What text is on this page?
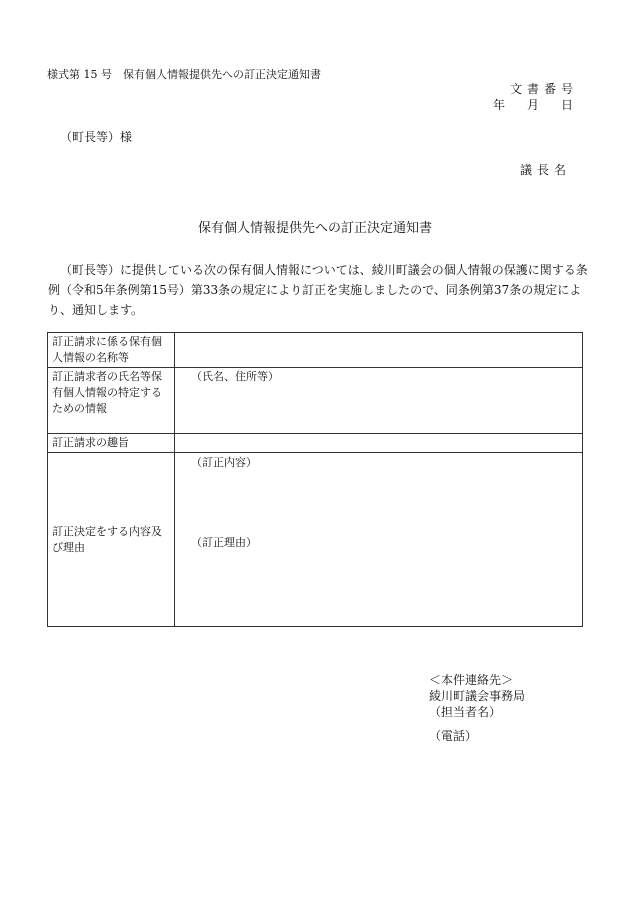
様式第 15 号　保有個人情報提供先への訂正決定通知書
文書番号
年　月　日
（町長等）様
議長名
保有個人情報提供先への訂正決定通知書
（町長等）に提供している次の保有個人情報については、綾川町議会の個人情報の保護に関する条例（令和5年条例第15号）第33条の規定により訂正を実施しましたので、同条例第37条の規定により、通知します。
訂正請求に係る保有個人情報の名称等	
訂正請求者の氏名等保有個人情報の特定するための情報	（氏名、住所等）
訂正請求の趣旨	
訂正決定をする内容及び理由	（訂正内容）
（訂正理由）
＜本件連絡先＞
綾川町議会事務局
（担当者名）
（電話）
